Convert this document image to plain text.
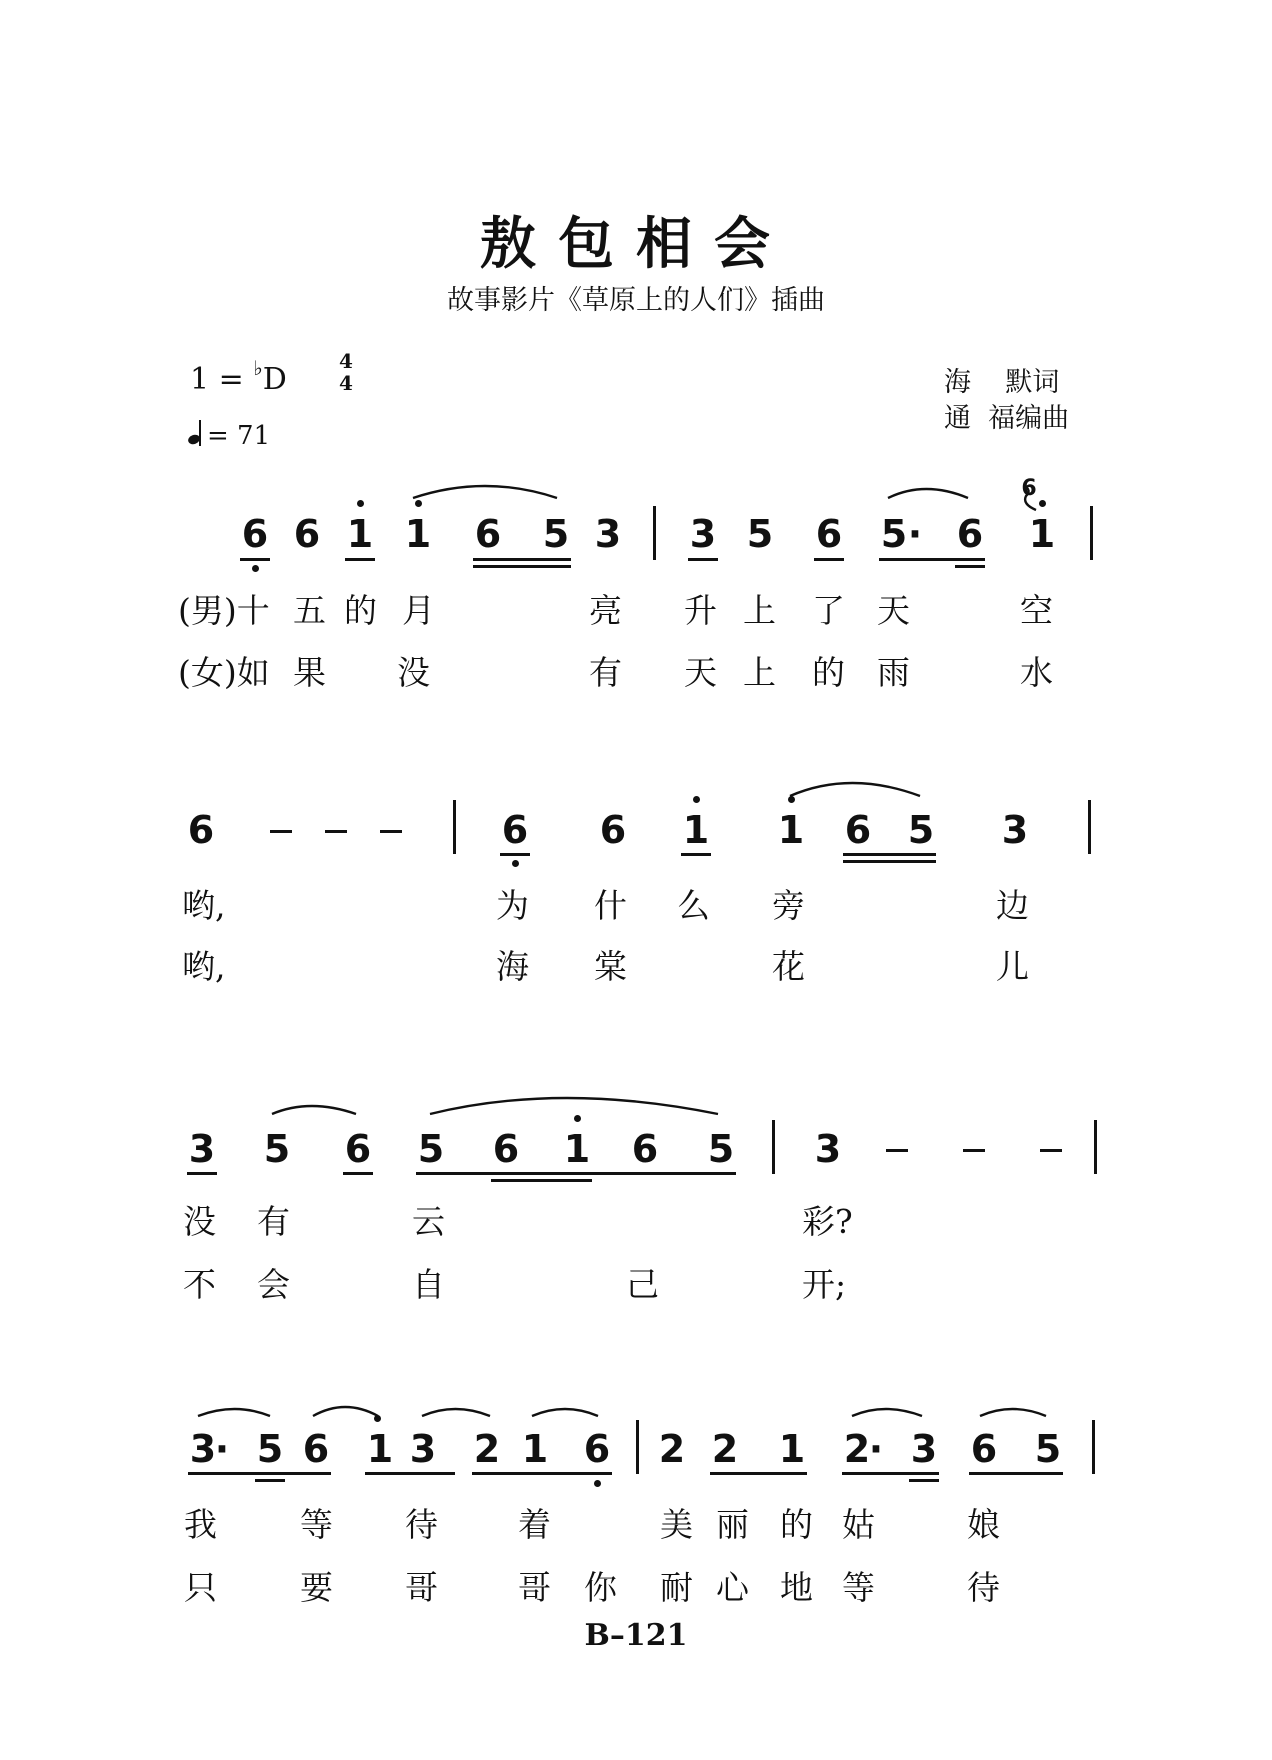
敖包相会
故事影片《草原上的人们》插曲
1 = ♭D
4
4
= 71
海    默词
通  福编曲
6 6 1 1 6 5 3 3 5 6 5 · 6
6
1
(男)十 五 的 月	亮 升 上 了 天	空
(女)如 果 没	有 天 上 的 雨	水
6	6 6 1 1 6 5 3
哟,	为 什 么 旁	边
哟,	海 棠	花	儿
3 5 6 5 6 1 6 5 3
没 有	云	彩?
不 会	自	己	开;
3
· 5 6 1 3 2 1 6 2 2 1 2
· 3 6 5
我	等 待 着	美 丽 的 姑	娘
只	要 哥 哥 你 耐 心 地 等	待
B–121
